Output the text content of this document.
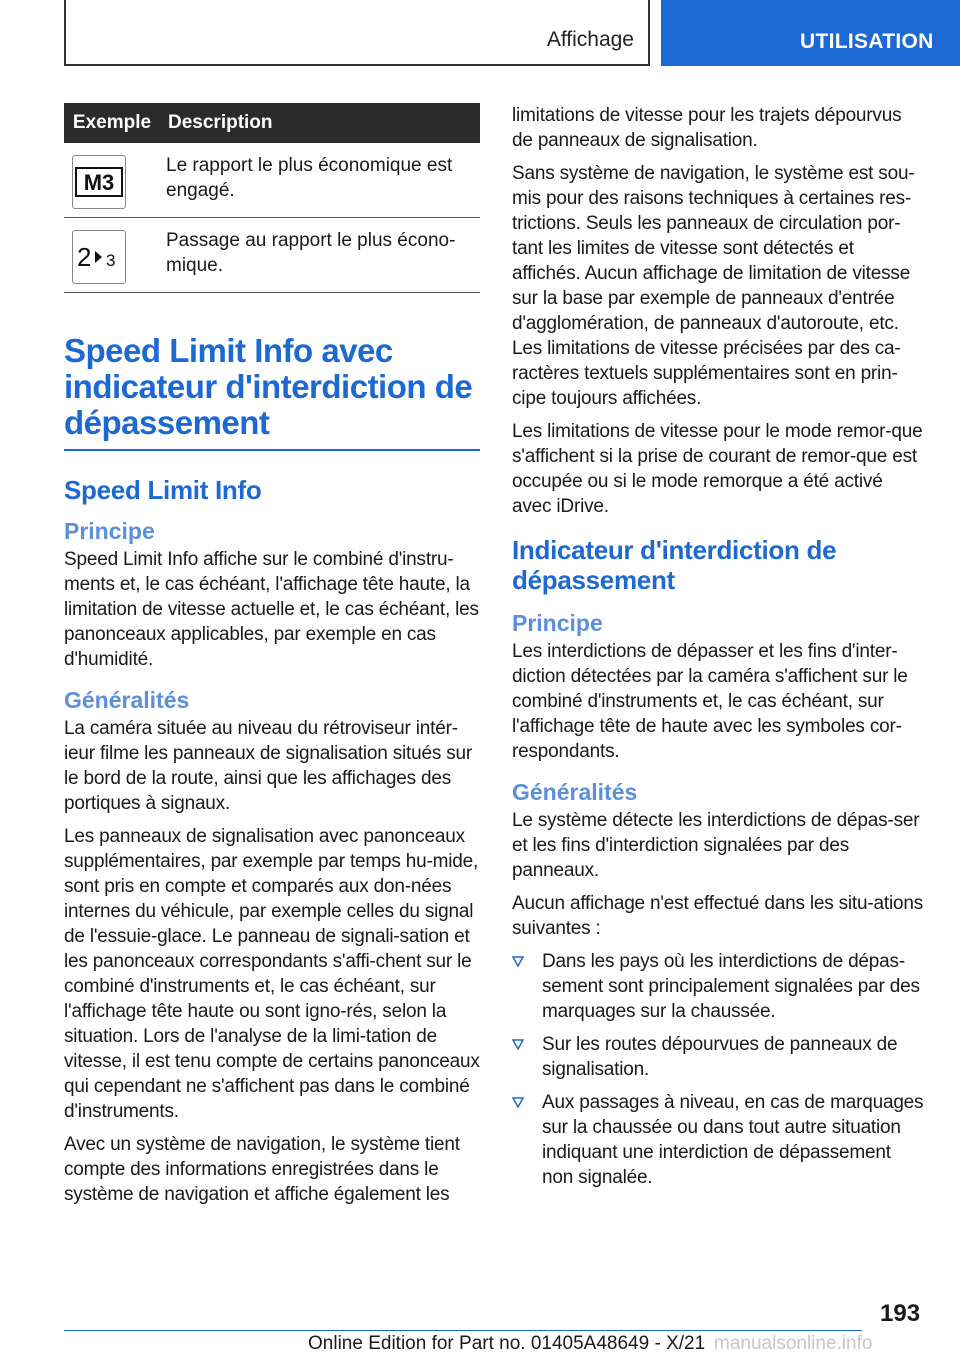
Affichage	UTILISATION
Exemple	Description

M3	Le rapport le plus économique est engagé.

2 3	Passage au rapport le plus écono-mique.
Speed Limit Info avec indicateur d'interdiction de dépassement
Speed Limit Info
Principe

Speed Limit Info affiche sur le combiné d'instru-ments et, le cas échéant, l'affichage tête haute, la limitation de vitesse actuelle et, le cas échéant, les panonceaux applicables, par exemple en cas d'humidité.

Généralités

La caméra située au niveau du rétroviseur intér-ieur filme les panneaux de signalisation situés sur le bord de la route, ainsi que les affichages des portiques à signaux.

Les panneaux de signalisation avec panonceaux supplémentaires, par exemple par temps hu-mide, sont pris en compte et comparés aux don-nées internes du véhicule, par exemple celles du signal de l'essuie-glace. Le panneau de signali-sation et les panonceaux correspondants s'affi-chent sur le combiné d'instruments et, le cas échéant, sur l'affichage tête haute ou sont igno-rés, selon la situation. Lors de l'analyse de la limi-tation de vitesse, il est tenu compte de certains panonceaux qui cependant ne s'affichent pas dans le combiné d'instruments.

Avec un système de navigation, le système tient compte des informations enregistrées dans le système de navigation et affiche également les

limitations de vitesse pour les trajets dépourvus de panneaux de signalisation.

Sans système de navigation, le système est sou-mis pour des raisons techniques à certaines res-trictions. Seuls les panneaux de circulation por-tant les limites de vitesse sont détectés et affichés. Aucun affichage de limitation de vitesse sur la base par exemple de panneaux d'entrée d'agglomération, de panneaux d'autoroute, etc. Les limitations de vitesse précisées par des ca-ractères textuels supplémentaires sont en prin-cipe toujours affichées.

Les limitations de vitesse pour le mode remor-que s'affichent si la prise de courant de remor-que est occupée ou si le mode remorque a été activé avec iDrive.

Indicateur d'interdiction de dépassement
Principe

Les interdictions de dépasser et les fins d'inter-diction détectées par la caméra s'affichent sur le combiné d'instruments et, le cas échéant, sur l'affichage tête de haute avec les symboles cor-respondants.

Généralités

Le système détecte les interdictions de dépas-ser et les fins d'interdiction signalées par des panneaux.

Aucun affichage n'est effectué dans les situ-ations suivantes :

Dans les pays où les interdictions de dépas-sement sont principalement signalées par des marquages sur la chaussée.
Sur les routes dépourvues de panneaux de signalisation.
Aux passages à niveau, en cas de marquages sur la chaussée ou dans tout autre situation indiquant une interdiction de dépassement non signalée.
193
Online Edition for Part no. 01405A48649 - X/21 manualsonline.info
